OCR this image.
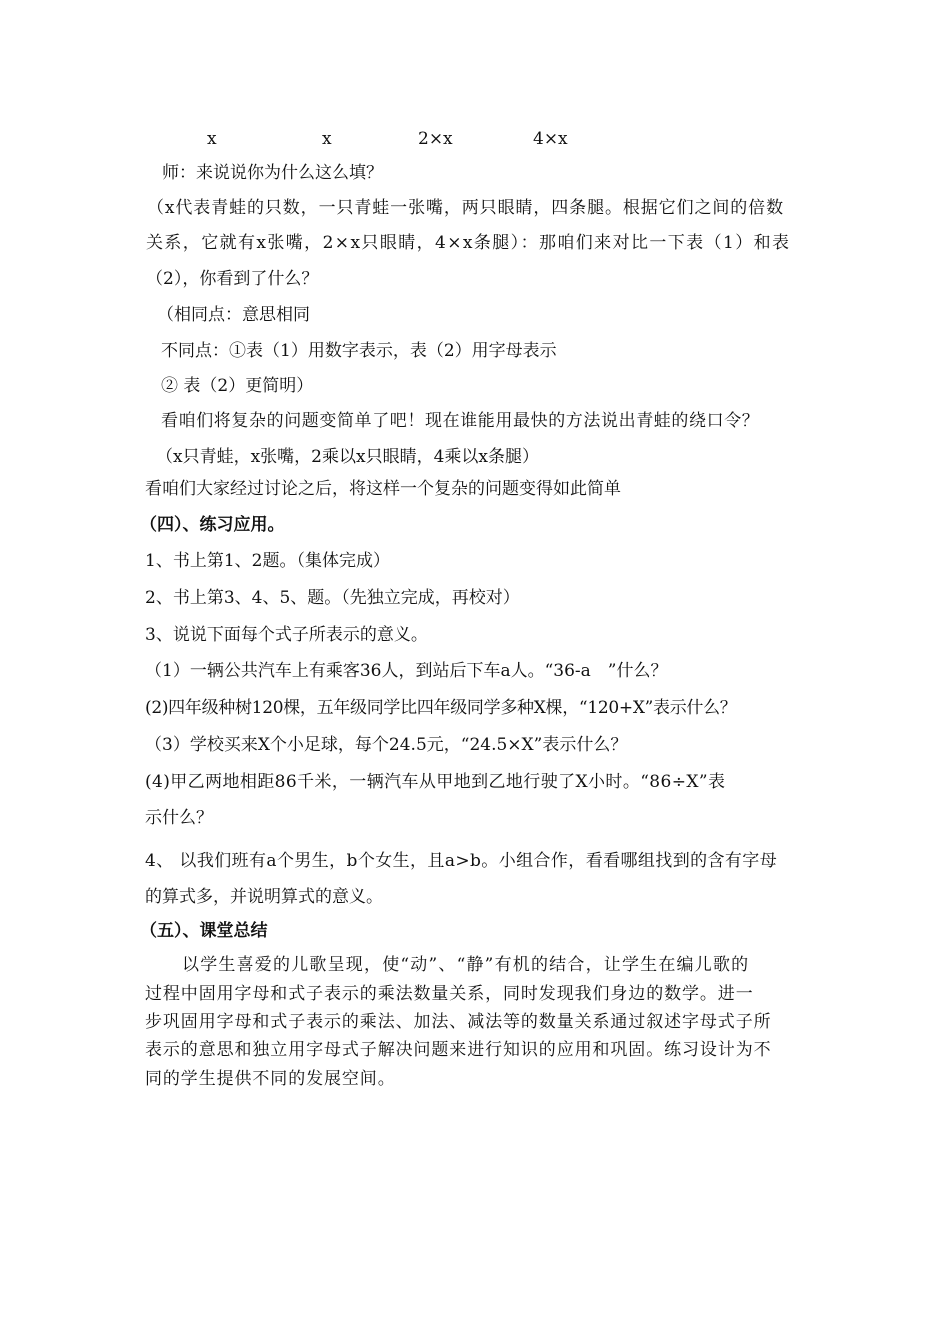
x	x	2×x	4×x
师：来说说你为什么这么填？
（x代表青蛙的只数，一只青蛙一张嘴，两只眼睛，四条腿。根据它们之间的倍数
关系，它就有x张嘴，2×x只眼睛，4×x条腿）：那咱们来对比一下表（1）和表
（2），你看到了什么？
（相同点：意思相同
不同点：①表（1）用数字表示，表（2）用字母表示
② 表（2）更简明）
看咱们将复杂的问题变简单了吧！现在谁能用最快的方法说出青蛙的绕口令？
（x只青蛙，x张嘴，2乘以x只眼睛，4乘以x条腿）
看咱们大家经过讨论之后，将这样一个复杂的问题变得如此简单
（四）、练习应用。
1、书上第1、2题。（集体完成）
2、书上第3、4、5、题。（先独立完成，再校对）
3、说说下面每个式子所表示的意义。
（1）一辆公共汽车上有乘客36人，到站后下车a人。“36-a　”什么？
(2)四年级种树120棵，五年级同学比四年级同学多种X棵，“120+X”表示什么？
（3）学校买来X个小足球，每个24.5元，“24.5×X”表示什么？
(4)甲乙两地相距86千米，一辆汽车从甲地到乙地行驶了X小时。“86÷X”表
示什么？
4、 以我们班有a个男生，b个女生，且a>b。小组合作，看看哪组找到的含有字母
的算式多，并说明算式的意义。
（五）、课堂总结
以学生喜爱的儿歌呈现，使“动”、“静”有机的结合，让学生在编儿歌的
过程中固用字母和式子表示的乘法数量关系，同时发现我们身边的数学。进一
步巩固用字母和式子表示的乘法、加法、减法等的数量关系通过叙述字母式子所
表示的意思和独立用字母式子解决问题来进行知识的应用和巩固。练习设计为不
同的学生提供不同的发展空间。
